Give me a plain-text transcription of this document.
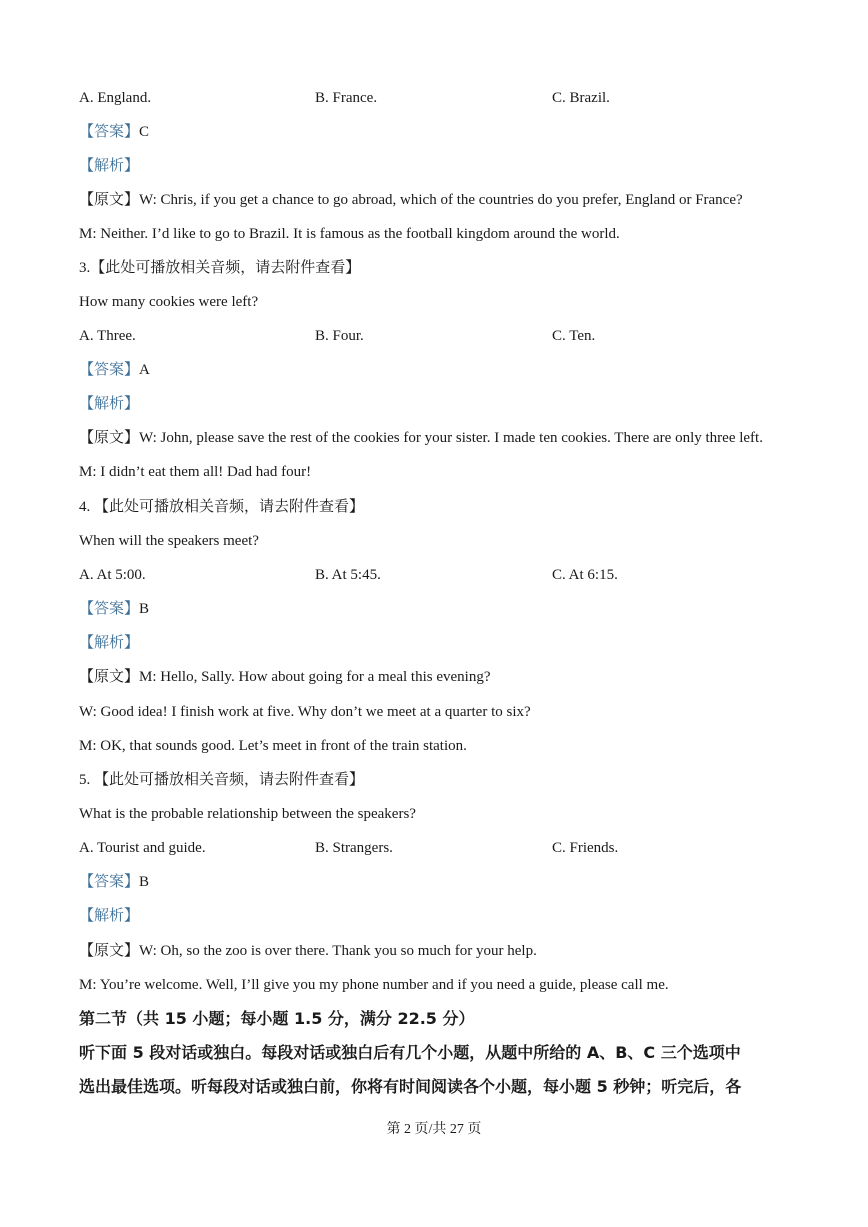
A. England.	B. France.	C. Brazil.
【答案】C
【解析】
【原文】W: Chris, if you get a chance to go abroad, which of the countries do you prefer, England or France?
M: Neither. I’d like to go to Brazil. It is famous as the football kingdom around the world.
3.【此处可播放相关音频，请去附件查看】
How many cookies were left?
A. Three.	B. Four.	C. Ten.
【答案】A
【解析】
【原文】W: John, please save the rest of the cookies for your sister. I made ten cookies. There are only three left.
M: I didn’t eat them all! Dad had four!
4. 【此处可播放相关音频，请去附件查看】
When will the speakers meet?
A. At 5:00.	B. At 5:45.	C. At 6:15.
【答案】B
【解析】
【原文】M: Hello, Sally. How about going for a meal this evening?
W: Good idea! I finish work at five. Why don’t we meet at a quarter to six?
M: OK, that sounds good. Let’s meet in front of the train station.
5. 【此处可播放相关音频，请去附件查看】
What is the probable relationship between the speakers?
A. Tourist and guide.	B. Strangers.	C. Friends.
【答案】B
【解析】
【原文】W: Oh, so the zoo is over there. Thank you so much for your help.
M: You’re welcome. Well, I’ll give you my phone number and if you need a guide, please call me.
第二节（共 15 小题；每小题 1.5 分，满分 22.5 分）
听下面 5 段对话或独白。每段对话或独白后有几个小题，从题中所给的 A、B、C 三个选项中
选出最佳选项。听每段对话或独白前，你将有时间阅读各个小题，每小题 5 秒钟；听完后，各
第 2 页/共 27 页
